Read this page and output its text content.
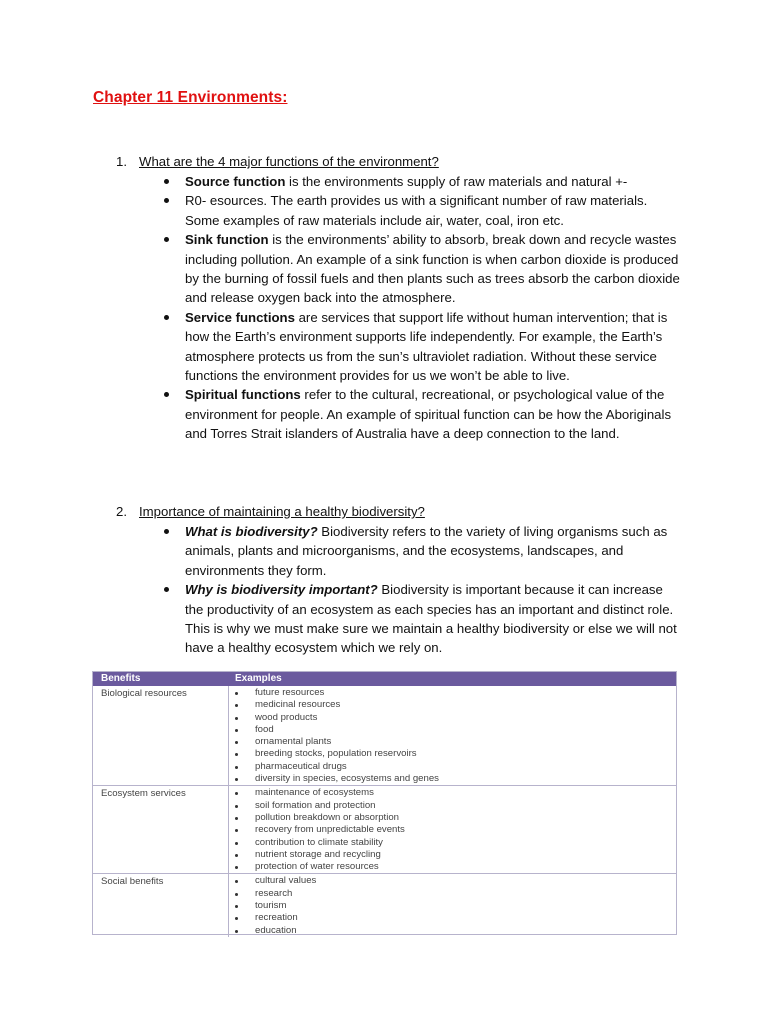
Chapter 11 Environments:
1. What are the 4 major functions of the environment?
Source function is the environments supply of raw materials and natural +-
R0- esources. The earth provides us with a significant number of raw materials. Some examples of raw materials include air, water, coal, iron etc.
Sink function is the environments’ ability to absorb, break down and recycle wastes including pollution. An example of a sink function is when carbon dioxide is produced by the burning of fossil fuels and then plants such as trees absorb the carbon dioxide and release oxygen back into the atmosphere.
Service functions are services that support life without human intervention; that is how the Earth’s environment supports life independently. For example, the Earth’s atmosphere protects us from the sun’s ultraviolet radiation. Without these service functions the environment provides for us we won’t be able to live.
Spiritual functions refer to the cultural, recreational, or psychological value of the environment for people. An example of spiritual function can be how the Aboriginals and Torres Strait islanders of Australia have a deep connection to the land.
2. Importance of maintaining a healthy biodiversity?
What is biodiversity? Biodiversity refers to the variety of living organisms such as animals, plants and microorganisms, and the ecosystems, landscapes, and environments they form.
Why is biodiversity important? Biodiversity is important because it can increase the productivity of an ecosystem as each species has an important and distinct role. This is why we must make sure we maintain a healthy biodiversity or else we will not have a healthy ecosystem which we rely on.
Benefits	Examples
Biological resources	future resources
medicinal resources
wood products
food
ornamental plants
breeding stocks, population reservoirs
pharmaceutical drugs
diversity in species, ecosystems and genes
Ecosystem services	maintenance of ecosystems
soil formation and protection
pollution breakdown or absorption
recovery from unpredictable events
contribution to climate stability
nutrient storage and recycling
protection of water resources
Social benefits	cultural values
research
tourism
recreation
education
